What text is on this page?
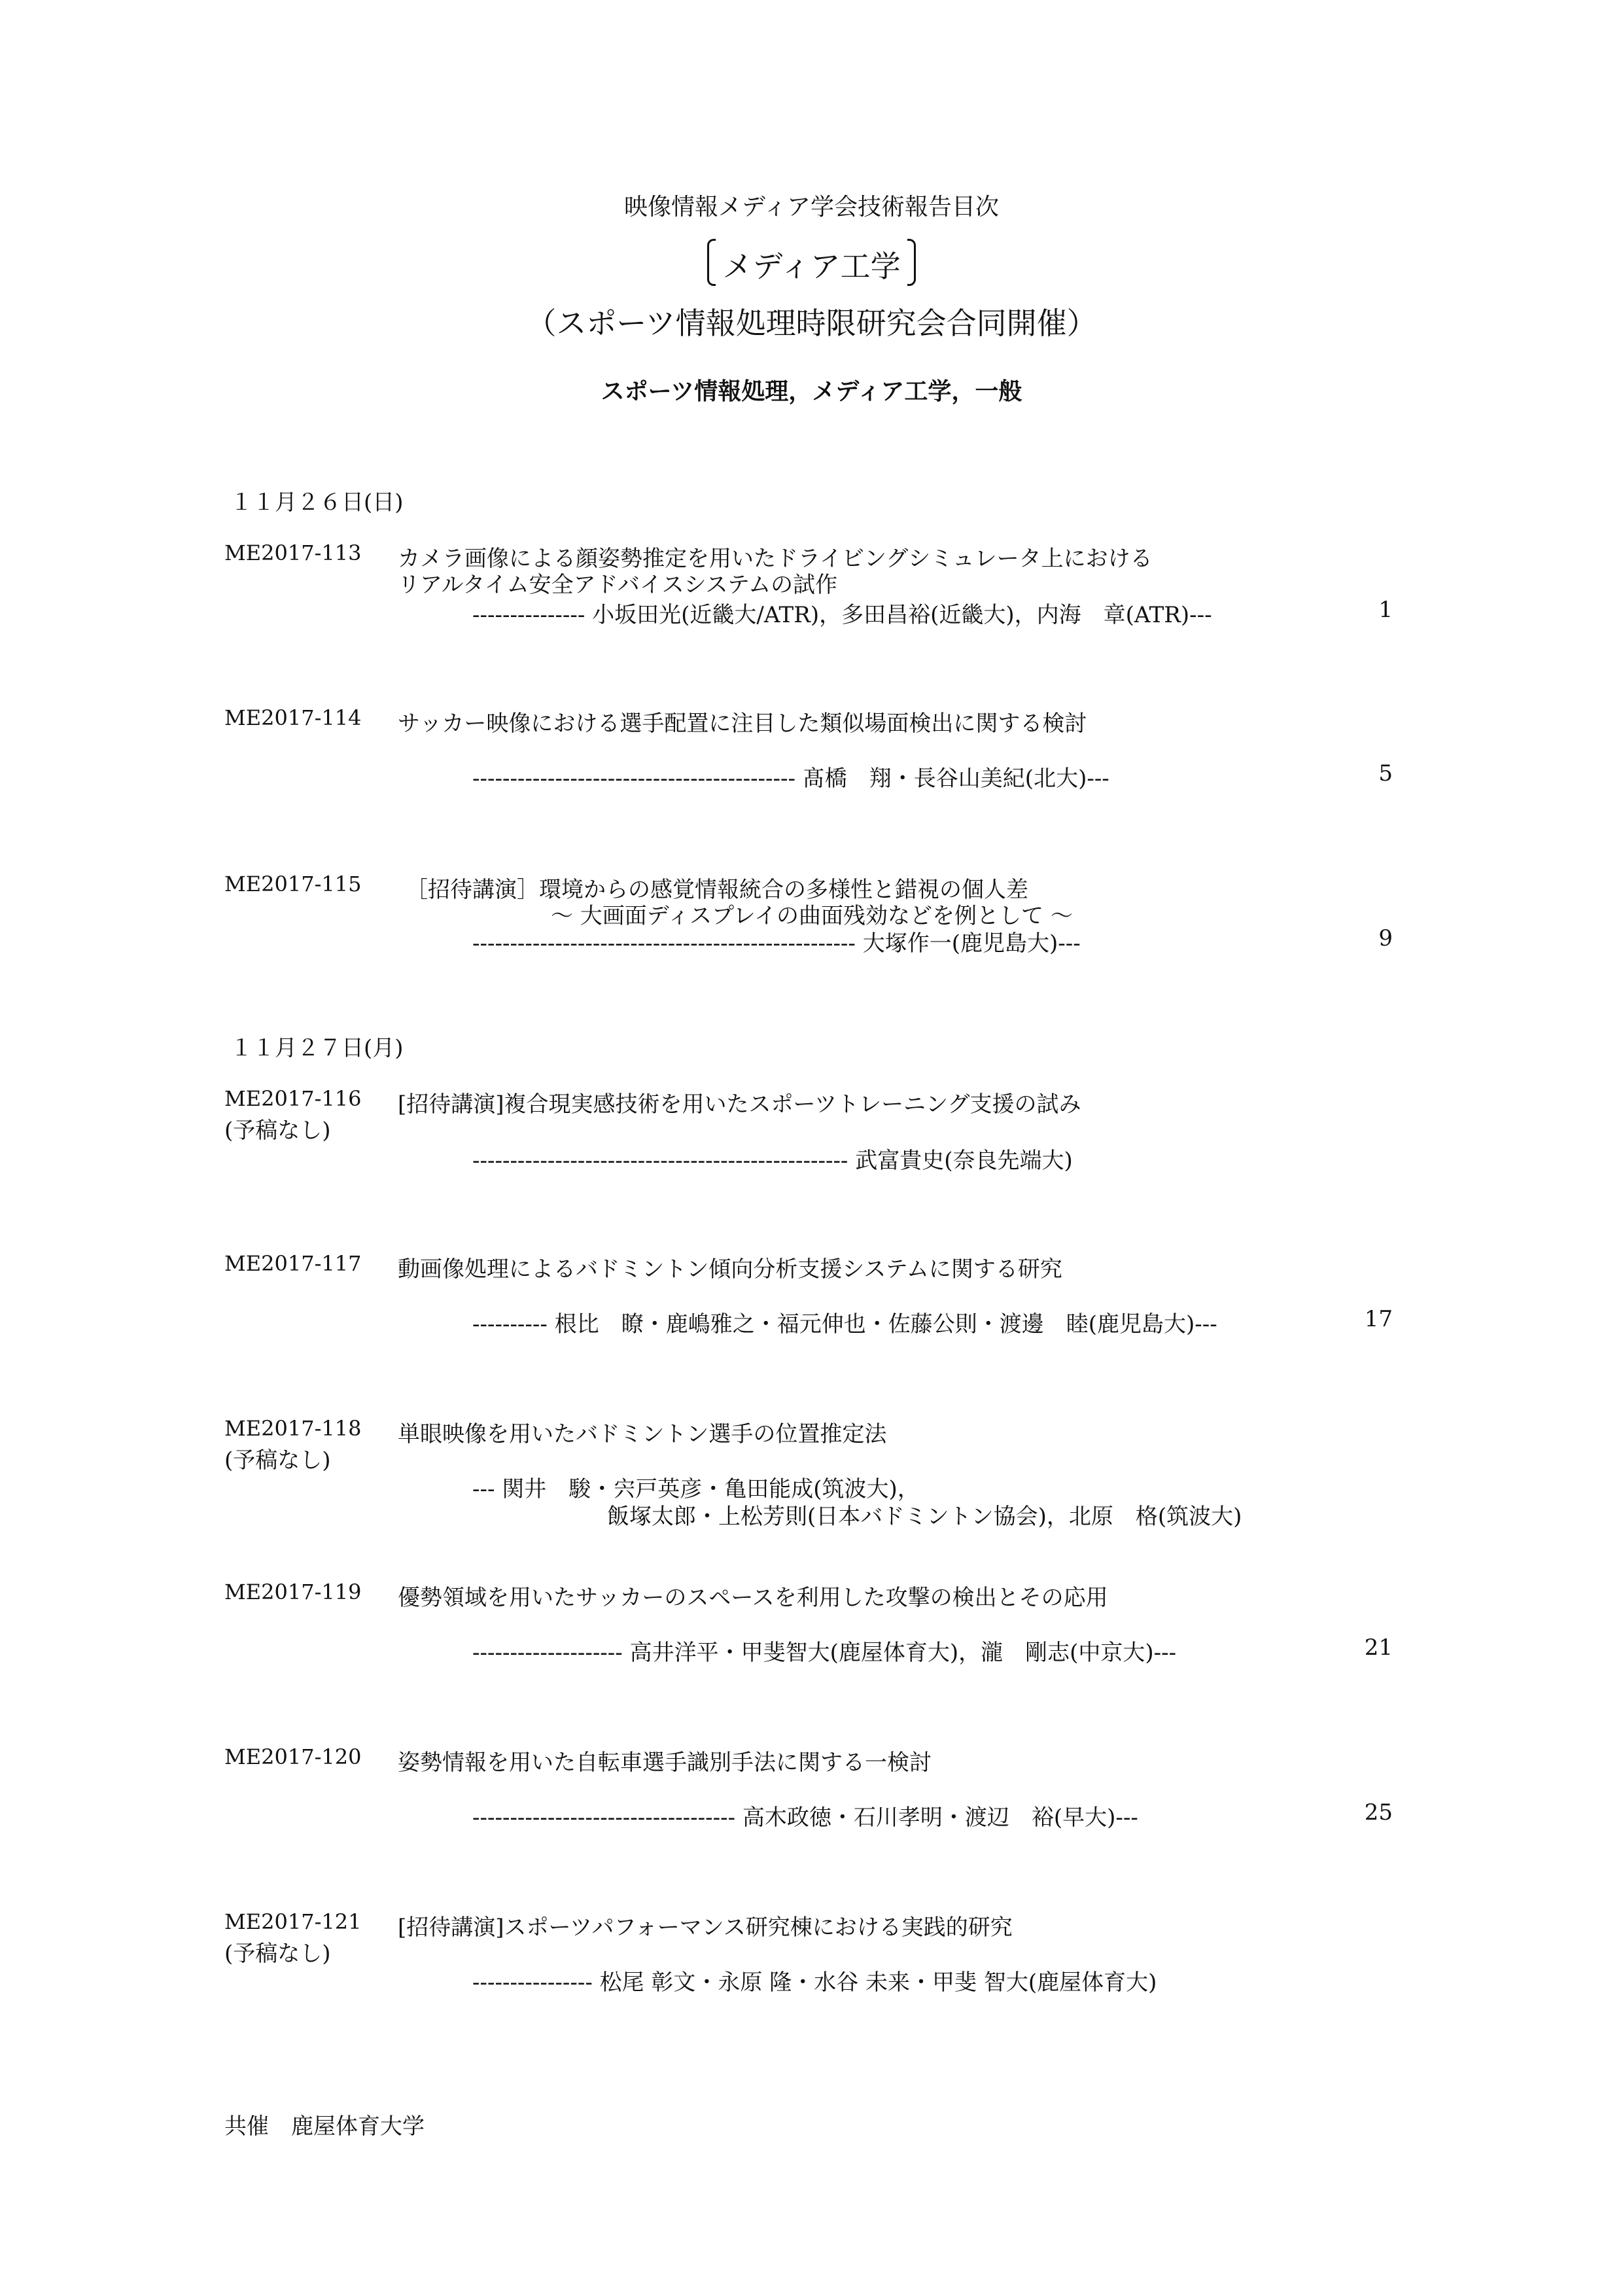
映像情報メディア学会技術報告目次
メディア工学
（スポーツ情報処理時限研究会合同開催）
スポーツ情報処理，メディア工学，一般
１１月２６日(日)
１１月２７日(月)
ME2017-113 カメラ画像による顔姿勢推定を用いたドライビングシミュレータ上における
リアルタイム安全アドバイスシステムの試作
--------------- 小坂田光(近畿大/ATR)，多田昌裕(近畿大)，内海　章(ATR)---	1
ME2017-114 サッカー映像における選手配置に注目した類似場面検出に関する検討
------------------------------------------- 髙橋　翔・長谷山美紀(北大)---	5
ME2017-115 ［招待講演］環境からの感覚情報統合の多様性と錯視の個人差
～ 大画面ディスプレイの曲面残効などを例として ～
--------------------------------------------------- 大塚作一(鹿児島大)---	9
ME2017-116
(予稿なし)
[招待講演]複合現実感技術を用いたスポーツトレーニング支援の試み
-------------------------------------------------- 武富貴史(奈良先端大)
ME2017-117 動画像処理によるバドミントン傾向分析支援システムに関する研究
---------- 根比　瞭・鹿嶋雅之・福元伸也・佐藤公則・渡邊　睦(鹿児島大)---	17
ME2017-118
(予稿なし)
単眼映像を用いたバドミントン選手の位置推定法
--- 関井　駿・宍戸英彦・亀田能成(筑波大)，
飯塚太郎・上松芳則(日本バドミントン協会)，北原　格(筑波大)
ME2017-119 優勢領域を用いたサッカーのスペースを利用した攻撃の検出とその応用
-------------------- 高井洋平・甲斐智大(鹿屋体育大)，瀧　剛志(中京大)---	21
ME2017-120 姿勢情報を用いた自転車選手識別手法に関する一検討
----------------------------------- 高木政徳・石川孝明・渡辺　裕(早大)---	25
ME2017-121
(予稿なし)
[招待講演]スポーツパフォーマンス研究棟における実践的研究
---------------- 松尾 彰文・永原 隆・水谷 未来・甲斐 智大(鹿屋体育大)
共催　鹿屋体育大学
